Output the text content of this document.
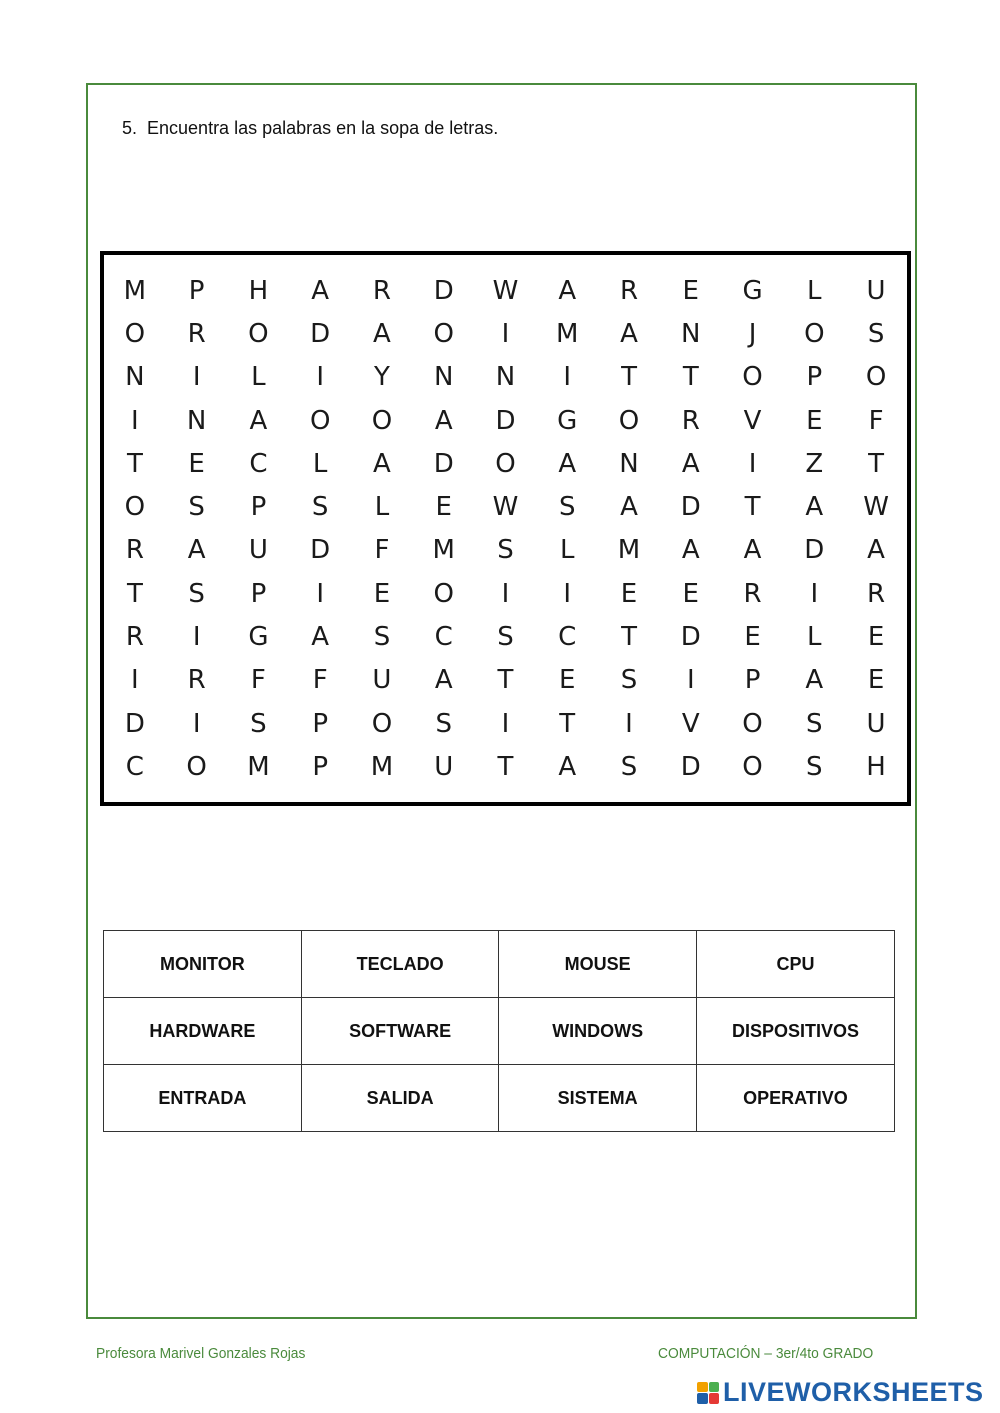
5. Encuentra las palabras en la sopa de letras.
M	P	H	A	R	D	W	A	R	E	G	L	U
O	R	O	D	A	O	I	M	A	N	J	O	S
N	I	L	I	Y	N	N	I	T	T	O	P	O
I	N	A	O	O	A	D	G	O	R	V	E	F
T	E	C	L	A	D	O	A	N	A	I	Z	T
O	S	P	S	L	E	W	S	A	D	T	A	W
R	A	U	D	F	M	S	L	M	A	A	D	A
T	S	P	I	E	O	I	I	E	E	R	I	R
R	I	G	A	S	C	S	C	T	D	E	L	E
I	R	F	F	U	A	T	E	S	I	P	A	E
D	I	S	P	O	S	I	T	I	V	O	S	U
C	O	M	P	M	U	T	A	S	D	O	S	H
MONITOR	TECLADO	MOUSE	CPU
HARDWARE	SOFTWARE	WINDOWS	DISPOSITIVOS
ENTRADA	SALIDA	SISTEMA	OPERATIVO
Profesora Marivel Gonzales Rojas	COMPUTACIÓN – 3er/4to GRADO
LIVEWORKSHEETS
